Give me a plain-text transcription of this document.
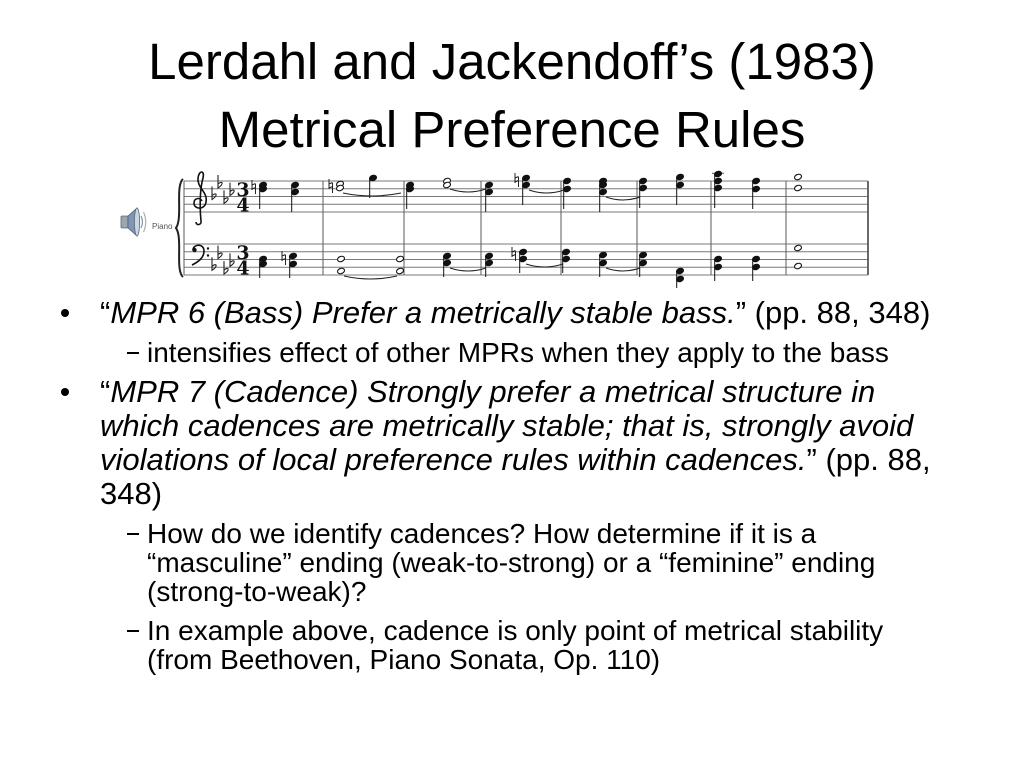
Lerdahl and Jackendoff’s (1983) Metrical Preference Rules
Piano
3
4
3
4
“MPR 6 (Bass) Prefer a metrically stable bass.” (pp. 88, 348)
intensifies effect of other MPRs when they apply to the bass
“MPR 7 (Cadence) Strongly prefer a metrical structure in which cadences are metrically stable; that is, strongly avoid violations of local preference rules within cadences.” (pp. 88, 348)
How do we identify cadences? How determine if it is a “masculine” ending (weak-to-strong) or a “feminine” ending (strong-to-weak)?
In example above, cadence is only point of metrical stability (from Beethoven, Piano Sonata, Op. 110)
